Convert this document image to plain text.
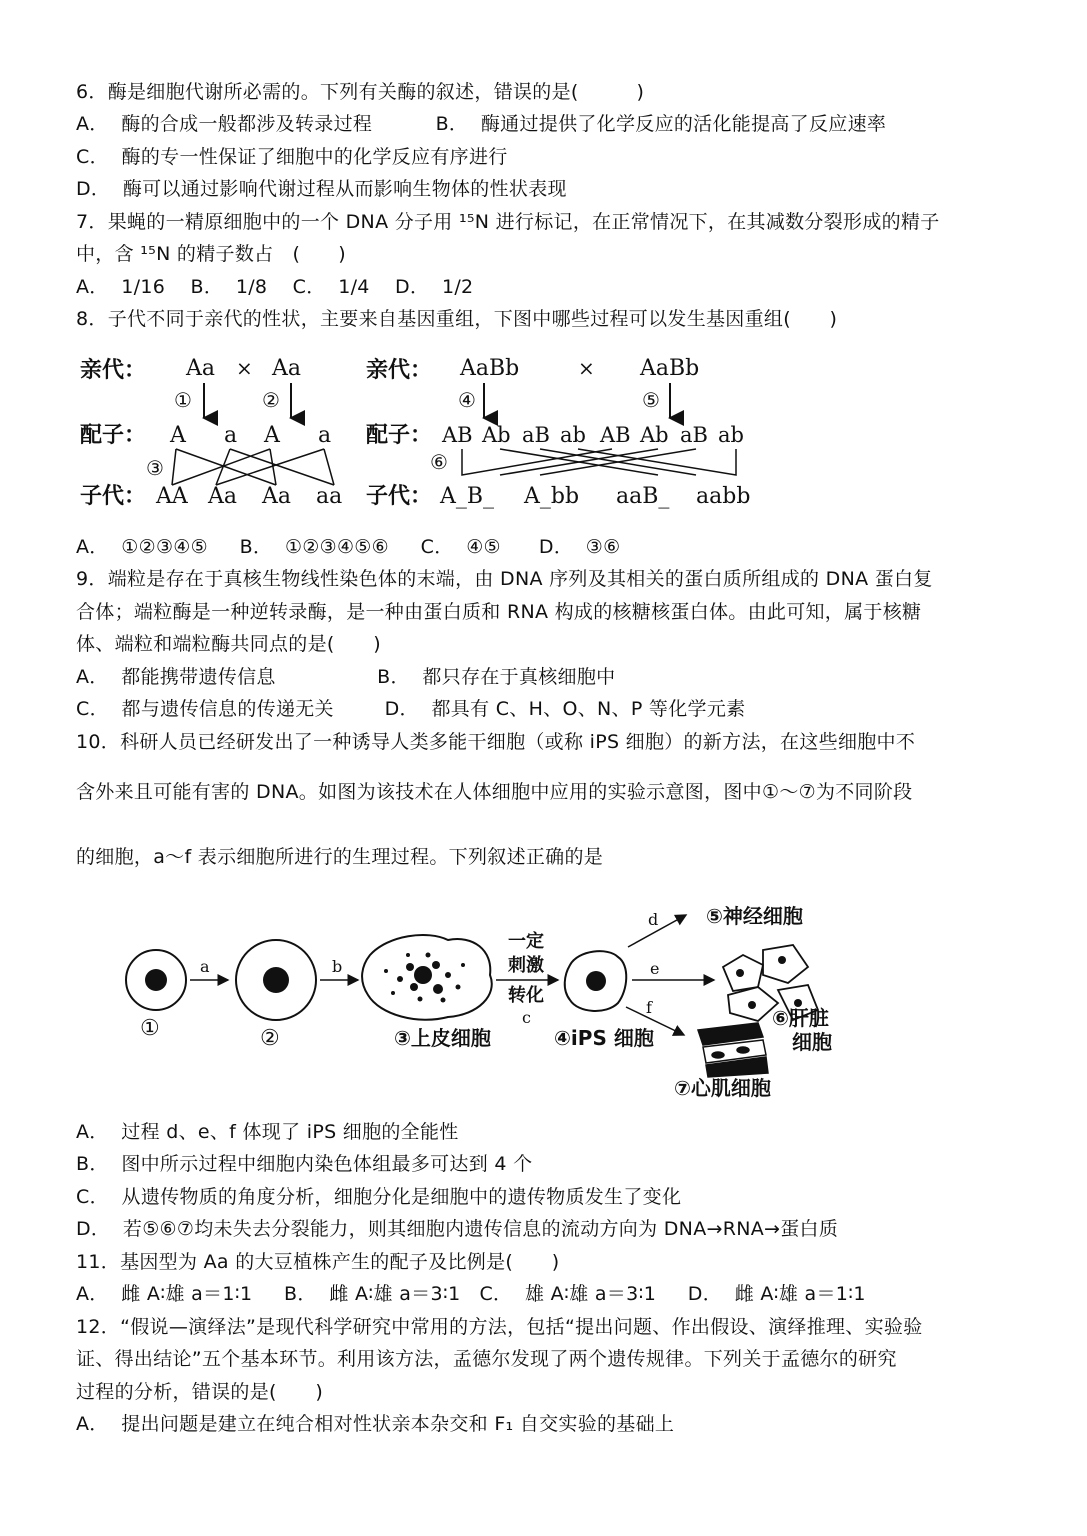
6．酶是细胞代谢所必需的。下列有关酶的叙述，错误的是(　　　)
A．  酶的合成一般都涉及转录过程          B．  酶通过提供了化学反应的活化能提高了反应速率
C．  酶的专一性保证了细胞中的化学反应有序进行
D．  酶可以通过影响代谢过程从而影响生物体的性状表现
7．果蝇的一精原细胞中的一个 DNA 分子用 ¹⁵N 进行标记，在正常情况下，在其减数分裂形成的精子
中，含 ¹⁵N 的精子数占   (      )
A．  1/16    B．  1/8    C．  1/4    D．  1/2
8．子代不同于亲代的性状，主要来自基因重组，下图中哪些过程可以发生基因重组(　　)
亲代：
配子：
子代：
Aa × Aa
①	②
A a A a
③
AA Aa Aa aa
亲代：
配子：
子代：
AaBb	× AaBb
④	⑤
AB Ab aB ab AB Ab aB ab
⑥
A_B_ A_bb aaB_ aabb
A．  ①②③④⑤     B．  ①②③④⑤⑥     C．  ④⑤      D．  ③⑥
9．端粒是存在于真核生物线性染色体的末端，由 DNA 序列及其相关的蛋白质所组成的 DNA 蛋白复
合体；端粒酶是一种逆转录酶，是一种由蛋白质和 RNA 构成的核糖核蛋白体。由此可知，属于核糖
体、端粒和端粒酶共同点的是(　　)
A．  都能携带遗传信息                B．  都只存在于真核细胞中
C．  都与遗传信息的传递无关        D．  都具有 C、H、O、N、P 等化学元素
10．科研人员已经研发出了一种诱导人类多能干细胞（或称 iPS 细胞）的新方法，在这些细胞中不
含外来且可能有害的 DNA。如图为该技术在人体细胞中应用的实验示意图，图中①～⑦为不同阶段
的细胞，a～f 表示细胞所进行的生理过程。下列叙述正确的是
①
a
②
b
③上皮细胞
一定
刺激
转化
c
④iPS 细胞
d
e
f
⑤神经细胞
⑥肝脏
细胞
⑦心肌细胞
A．  过程 d、e、f 体现了 iPS 细胞的全能性
B．  图中所示过程中细胞内染色体组最多可达到 4 个
C．  从遗传物质的角度分析，细胞分化是细胞中的遗传物质发生了变化
D．  若⑤⑥⑦均未失去分裂能力，则其细胞内遗传信息的流动方向为 DNA→RNA→蛋白质
11．基因型为 Aa 的大豆植株产生的配子及比例是(　　)
A．  雌 A∶雄 a＝1∶1     B．  雌 A∶雄 a＝3∶1   C．  雄 A∶雄 a＝3∶1     D．  雌 A∶雄 a＝1∶1
12．“假说—演绎法”是现代科学研究中常用的方法，包括“提出问题、作出假设、演绎推理、实验验
证、得出结论”五个基本环节。利用该方法，孟德尔发现了两个遗传规律。下列关于孟德尔的研究
过程的分析，错误的是(　　)
A．  提出问题是建立在纯合相对性状亲本杂交和 F₁ 自交实验的基础上
